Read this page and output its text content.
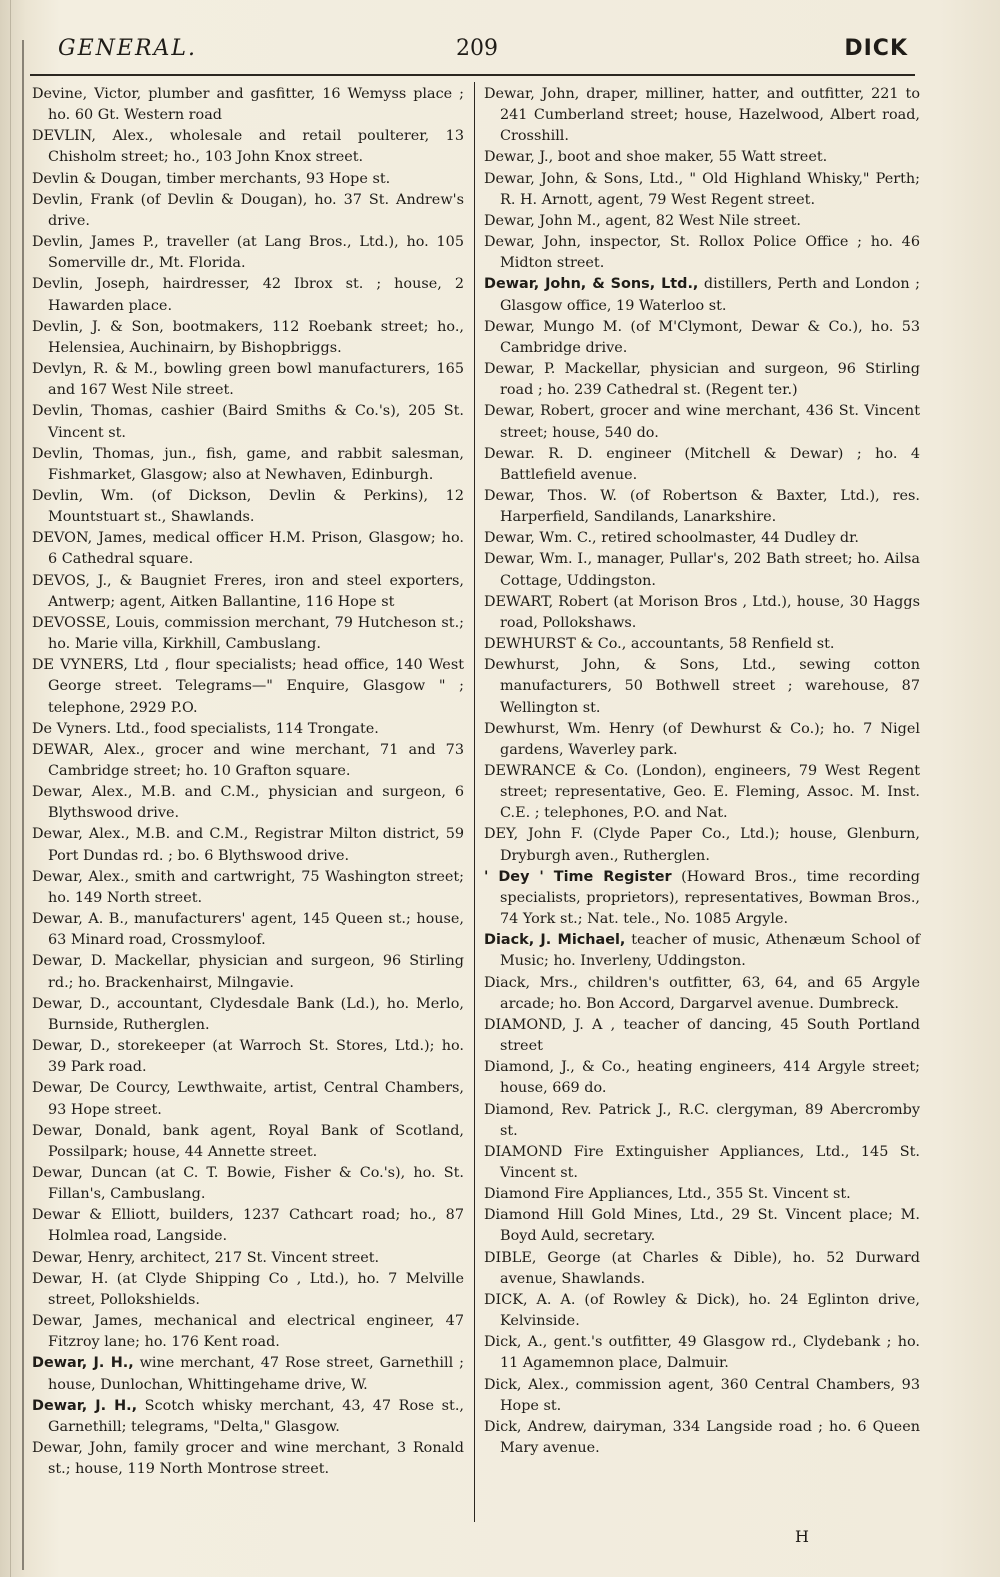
GENERAL.	209	DICK
Devine, Victor, plumber and gasfitter, 16 Wemyss place ; ho. 60 Gt. Western road
DEVLIN, Alex., wholesale and retail poulterer, 13 Chisholm street; ho., 103 John Knox street.
Devlin & Dougan, timber merchants, 93 Hope st.
Devlin, Frank (of Devlin & Dougan), ho. 37 St. Andrew's drive.
Devlin, James P., traveller (at Lang Bros., Ltd.), ho. 105 Somerville dr., Mt. Florida.
Devlin, Joseph, hairdresser, 42 Ibrox st. ; house, 2 Hawarden place.
Devlin, J. & Son, bootmakers, 112 Roebank street; ho., Helensiea, Auchinairn, by Bishopbriggs.
Devlyn, R. & M., bowling green bowl manufacturers, 165 and 167 West Nile street.
Devlin, Thomas, cashier (Baird Smiths & Co.'s), 205 St. Vincent st.
Devlin, Thomas, jun., fish, game, and rabbit salesman, Fishmarket, Glasgow; also at Newhaven, Edinburgh.
Devlin, Wm. (of Dickson, Devlin & Perkins), 12 Mountstuart st., Shawlands.
DEVON, James, medical officer H.M. Prison, Glasgow; ho. 6 Cathedral square.
DEVOS, J., & Baugniet Freres, iron and steel exporters, Antwerp; agent, Aitken Ballantine, 116 Hope st
DEVOSSE, Louis, commission merchant, 79 Hutcheson st.; ho. Marie villa, Kirkhill, Cambuslang.
DE VYNERS, Ltd , flour specialists; head office, 140 West George street. Telegrams—" Enquire, Glasgow " ; telephone, 2929 P.O.
De Vyners. Ltd., food specialists, 114 Trongate.
DEWAR, Alex., grocer and wine merchant, 71 and 73 Cambridge street; ho. 10 Grafton square.
Dewar, Alex., M.B. and C.M., physician and surgeon, 6 Blythswood drive.
Dewar, Alex., M.B. and C.M., Registrar Milton district, 59 Port Dundas rd. ; bo. 6 Blythswood drive.
Dewar, Alex., smith and cartwright, 75 Washington street; ho. 149 North street.
Dewar, A. B., manufacturers' agent, 145 Queen st.; house, 63 Minard road, Crossmyloof.
Dewar, D. Mackellar, physician and surgeon, 96 Stirling rd.; ho. Brackenhairst, Milngavie.
Dewar, D., accountant, Clydesdale Bank (Ld.), ho. Merlo, Burnside, Rutherglen.
Dewar, D., storekeeper (at Warroch St. Stores, Ltd.); ho. 39 Park road.
Dewar, De Courcy, Lewthwaite, artist, Central Chambers, 93 Hope street.
Dewar, Donald, bank agent, Royal Bank of Scotland, Possilpark; house, 44 Annette street.
Dewar, Duncan (at C. T. Bowie, Fisher & Co.'s), ho. St. Fillan's, Cambuslang.
Dewar & Elliott, builders, 1237 Cathcart road; ho., 87 Holmlea road, Langside.
Dewar, Henry, architect, 217 St. Vincent street.
Dewar, H. (at Clyde Shipping Co , Ltd.), ho. 7 Melville street, Pollokshields.
Dewar, James, mechanical and electrical engineer, 47 Fitzroy lane; ho. 176 Kent road.
Dewar, J. H., wine merchant, 47 Rose street, Garnethill ; house, Dunlochan, Whittingehame drive, W.
Dewar, J. H., Scotch whisky merchant, 43, 47 Rose st., Garnethill; telegrams, "Delta," Glasgow.
Dewar, John, family grocer and wine merchant, 3 Ronald st.; house, 119 North Montrose street.
Dewar, John, draper, milliner, hatter, and outfitter, 221 to 241 Cumberland street; house, Hazelwood, Albert road, Crosshill.
Dewar, J., boot and shoe maker, 55 Watt street.
Dewar, John, & Sons, Ltd., " Old Highland Whisky," Perth; R. H. Arnott, agent, 79 West Regent street.
Dewar, John M., agent, 82 West Nile street.
Dewar, John, inspector, St. Rollox Police Office ; ho. 46 Midton street.
Dewar, John, & Sons, Ltd., distillers, Perth and London ; Glasgow office, 19 Waterloo st.
Dewar, Mungo M. (of M'Clymont, Dewar & Co.), ho. 53 Cambridge drive.
Dewar, P. Mackellar, physician and surgeon, 96 Stirling road ; ho. 239 Cathedral st. (Regent ter.)
Dewar, Robert, grocer and wine merchant, 436 St. Vincent street; house, 540 do.
Dewar. R. D. engineer (Mitchell & Dewar) ; ho. 4 Battlefield avenue.
Dewar, Thos. W. (of Robertson & Baxter, Ltd.), res. Harperfield, Sandilands, Lanarkshire.
Dewar, Wm. C., retired schoolmaster, 44 Dudley dr.
Dewar, Wm. I., manager, Pullar's, 202 Bath street; ho. Ailsa Cottage, Uddingston.
DEWART, Robert (at Morison Bros , Ltd.), house, 30 Haggs road, Pollokshaws.
DEWHURST & Co., accountants, 58 Renfield st.
Dewhurst, John, & Sons, Ltd., sewing cotton manufacturers, 50 Bothwell street ; warehouse, 87 Wellington st.
Dewhurst, Wm. Henry (of Dewhurst & Co.); ho. 7 Nigel gardens, Waverley park.
DEWRANCE & Co. (London), engineers, 79 West Regent street; representative, Geo. E. Fleming, Assoc. M. Inst. C.E. ; telephones, P.O. and Nat.
DEY, John F. (Clyde Paper Co., Ltd.); house, Glenburn, Dryburgh aven., Rutherglen.
' Dey ' Time Register (Howard Bros., time recording specialists, proprietors), representatives, Bowman Bros., 74 York st.; Nat. tele., No. 1085 Argyle.
Diack, J. Michael, teacher of music, Athenæum School of Music; ho. Inverleny, Uddingston.
Diack, Mrs., children's outfitter, 63, 64, and 65 Argyle arcade; ho. Bon Accord, Dargarvel avenue. Dumbreck.
DIAMOND, J. A , teacher of dancing, 45 South Portland street
Diamond, J., & Co., heating engineers, 414 Argyle street; house, 669 do.
Diamond, Rev. Patrick J., R.C. clergyman, 89 Abercromby st.
DIAMOND Fire Extinguisher Appliances, Ltd., 145 St. Vincent st.
Diamond Fire Appliances, Ltd., 355 St. Vincent st.
Diamond Hill Gold Mines, Ltd., 29 St. Vincent place; M. Boyd Auld, secretary.
DIBLE, George (at Charles & Dible), ho. 52 Durward avenue, Shawlands.
DICK, A. A. (of Rowley & Dick), ho. 24 Eglinton drive, Kelvinside.
Dick, A., gent.'s outfitter, 49 Glasgow rd., Clydebank ; ho. 11 Agamemnon place, Dalmuir.
Dick, Alex., commission agent, 360 Central Chambers, 93 Hope st.
Dick, Andrew, dairyman, 334 Langside road ; ho. 6 Queen Mary avenue.
H
